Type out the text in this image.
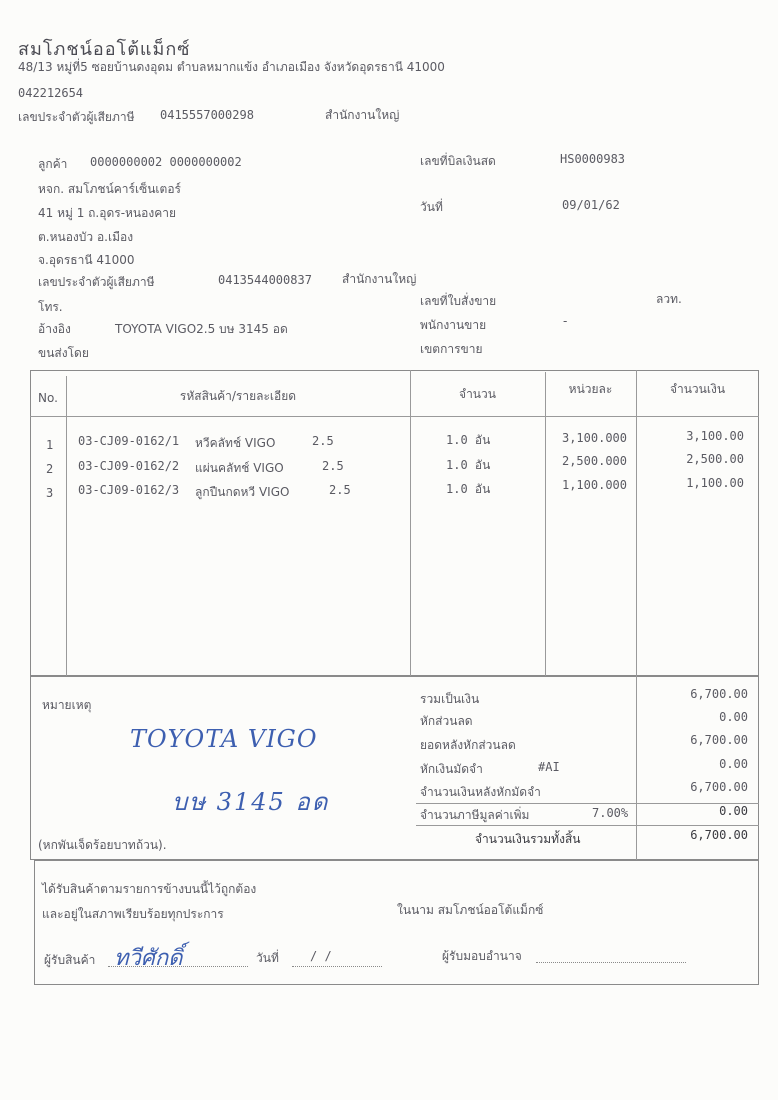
สมโภชน์ออโต้แม็กซ์
48/13 หมู่ที่5 ซอยบ้านดงอุดม ตำบลหมากแข้ง อำเภอเมือง จังหวัดอุดรธานี 41000
042212654
เลขประจำตัวผู้เสียภาษี 0415557000298	สำนักงานใหญ่
ลูกค้า 0000000002 0000000002
หจก. สมโภชน์คาร์เซ็นเตอร์
41 หมู่ 1 ถ.อุดร-หนองคาย
ต.หนองบัว อ.เมือง
จ.อุดรธานี 41000
เลขประจำตัวผู้เสียภาษี	0413544000837	สำนักงานใหญ่
โทร.
อ้างอิง	TOYOTA VIGO2.5 บษ 3145 อด
ขนส่งโดย
เลขที่บิลเงินสด	HS0000983
วันที่	09/01/62
เลขที่ใบสั่งขาย	ลวท.
พนักงานขาย	-
เขตการขาย
No.	รหัสสินค้า/รายละเอียด	จำนวน	หน่วยละ	จำนวนเงิน
1 03-CJ09-0162/1 หวีคลัทช์ VIGO	2.5	1.0 อัน	3,100.000	3,100.00
2 03-CJ09-0162/2 แผ่นคลัทช์ VIGO	2.5	1.0 อัน	2,500.000	2,500.00
3 03-CJ09-0162/3 ลูกปืนกดหวี VIGO	2.5	1.0 อัน	1,100.000	1,100.00
หมายเหตุ
TOYOTA VIGO
บษ 3145 อด
(หกพันเจ็ดร้อยบาทถ้วน).
รวมเป็นเงิน	6,700.00
หักส่วนลด	0.00
ยอดหลังหักส่วนลด	6,700.00
หักเงินมัดจำ	#AI	0.00
จำนวนเงินหลังหักมัดจำ	6,700.00
จำนวนภาษีมูลค่าเพิ่ม	7.00%	0.00
จำนวนเงินรวมทั้งสิ้น	6,700.00
ได้รับสินค้าตามรายการข้างบนนี้ไว้ถูกต้อง
และอยู่ในสภาพเรียบร้อยทุกประการ	ในนาม สมโภชน์ออโต้แม็กซ์
ผู้รับสินค้า ทวีศักดิ์	วันที่	/ /	ผู้รับมอบอำนาจ
